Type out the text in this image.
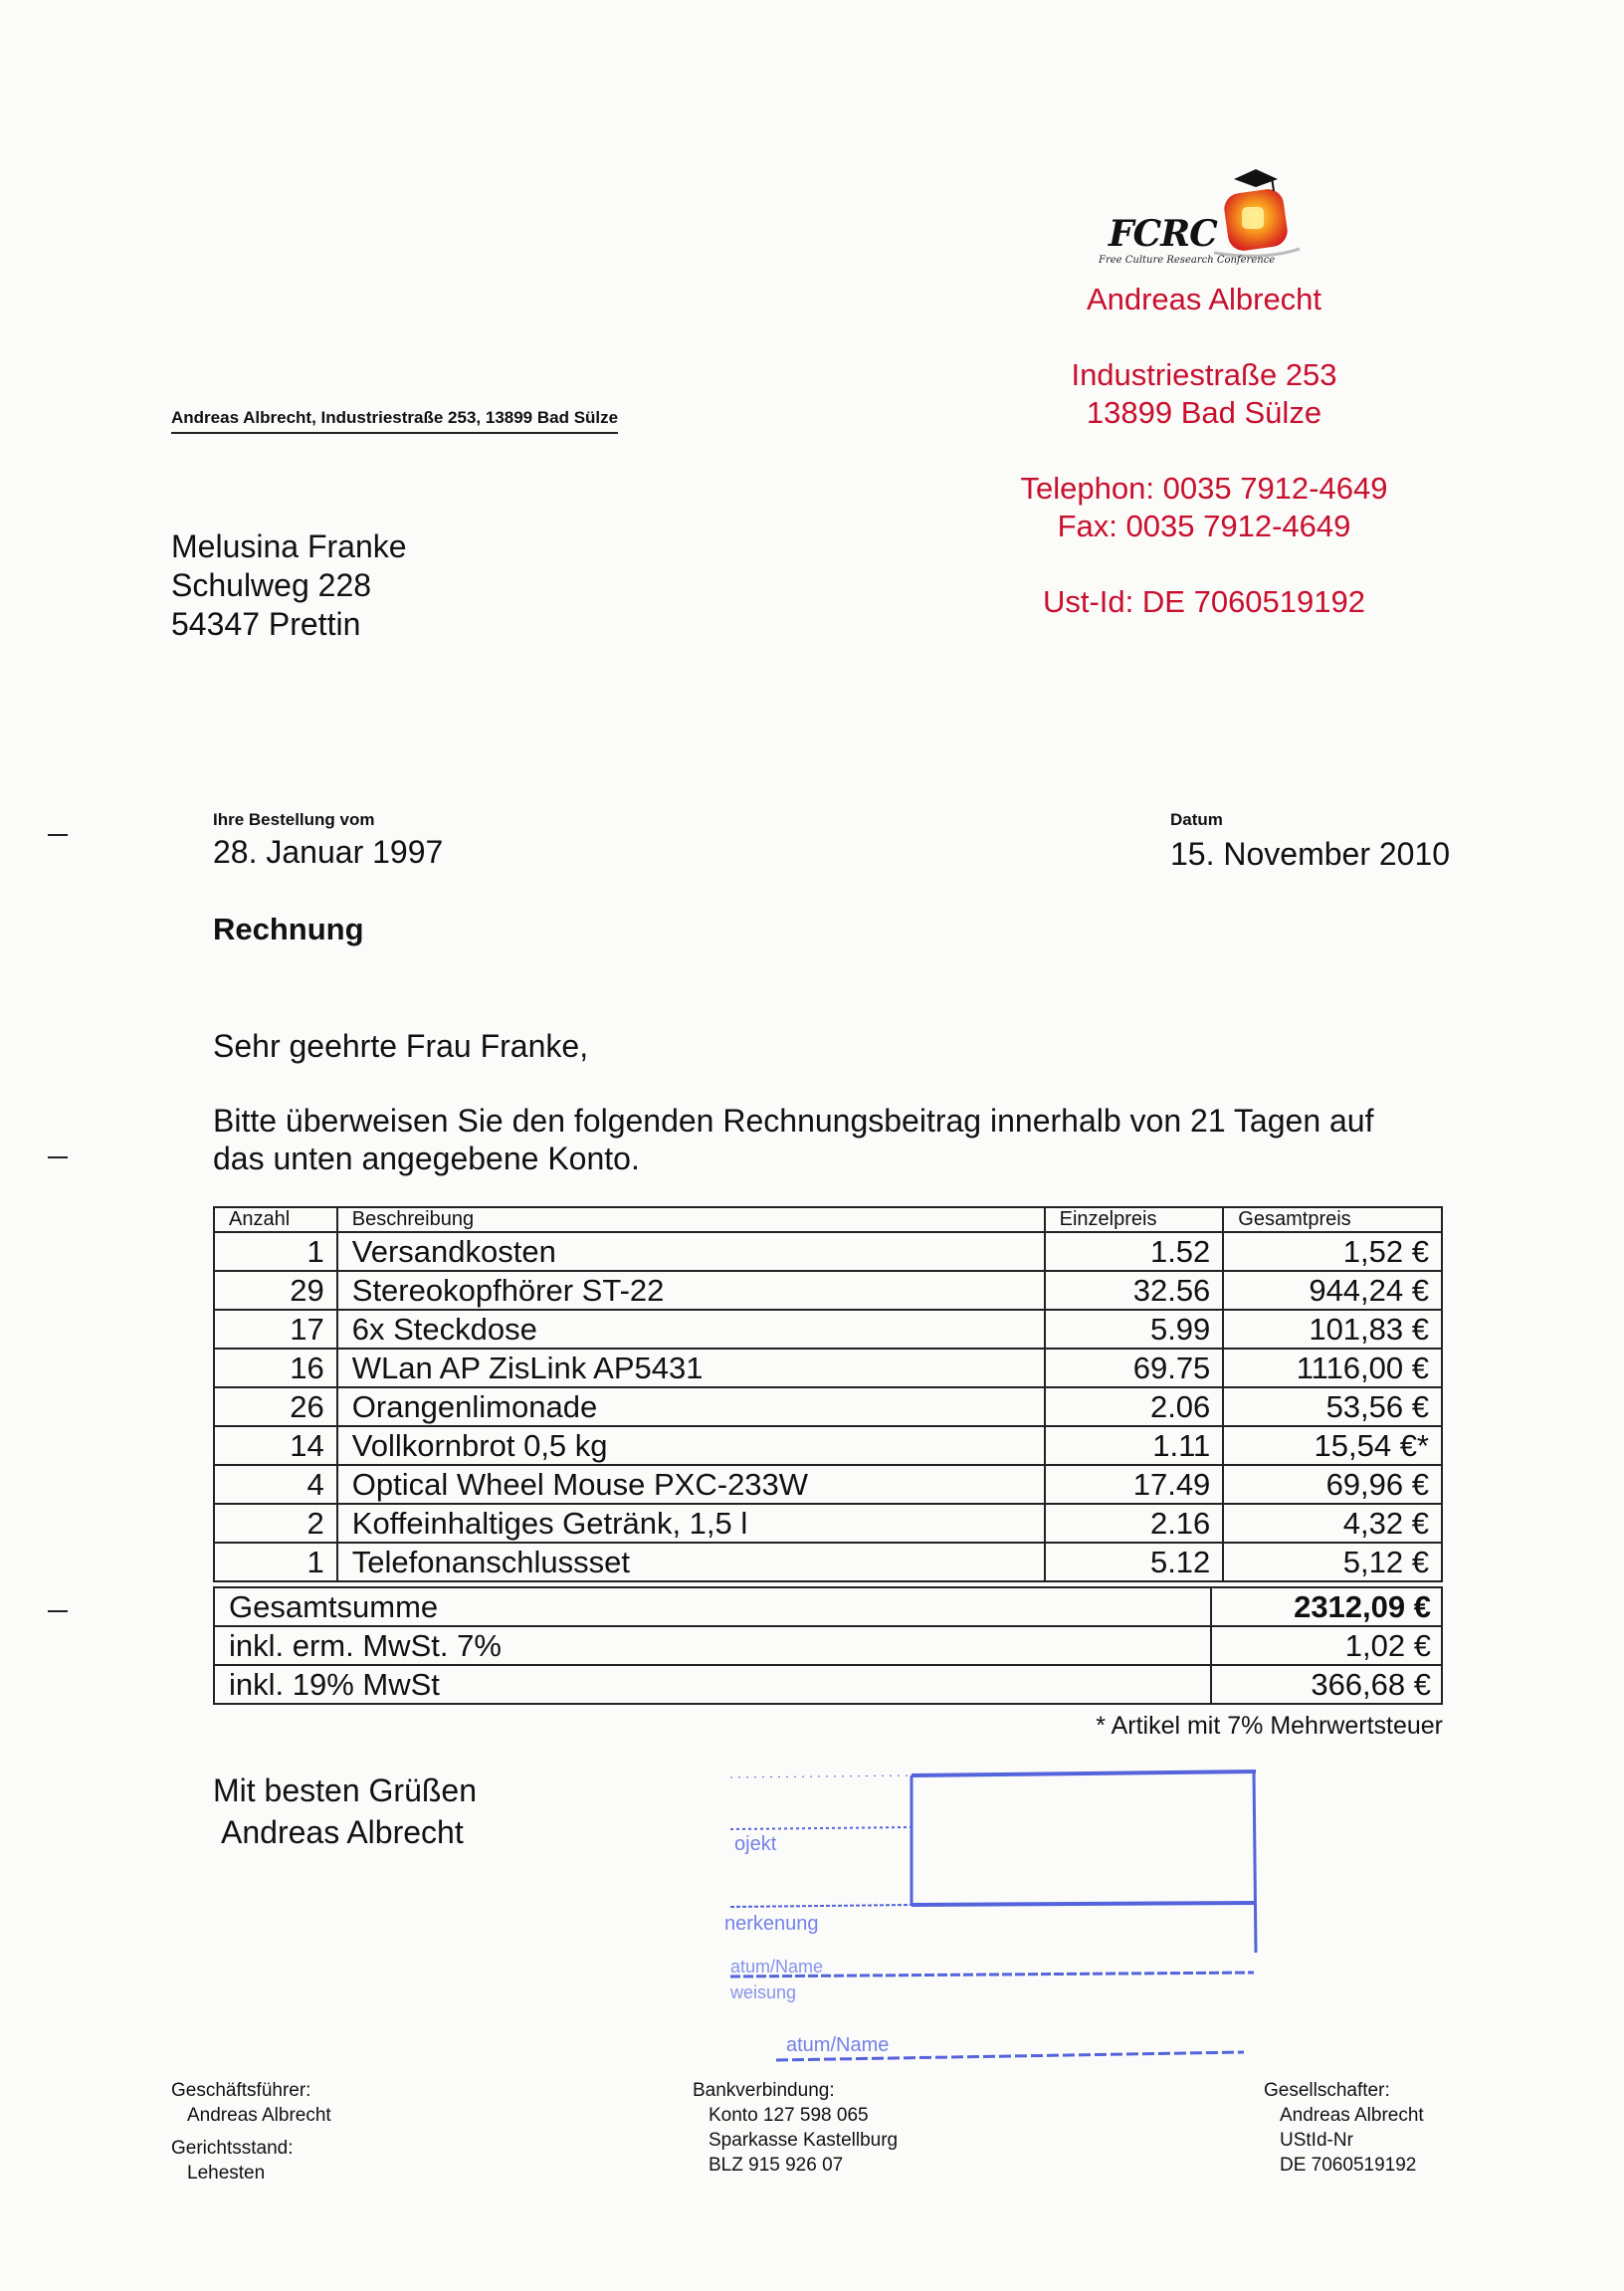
FCRC
Free Culture Research Conference
Andreas Albrecht
Industriestraße 253
13899 Bad Sülze
Telephon: 0035 7912-4649
Fax: 0035 7912-4649
Ust-Id: DE 7060519192
Andreas Albrecht, Industriestraße 253, 13899 Bad Sülze
Melusina Franke
Schulweg 228
54347 Prettin
Ihre Bestellung vom
28. Januar 1997
Datum
15. November 2010
Rechnung
Sehr geehrte Frau Franke,
Bitte überweisen Sie den folgenden Rechnungsbeitrag innerhalb von 21 Tagen auf
das unten angegebene Konto.
Anzahl	Beschreibung	Einzelpreis	Gesamtpreis
1	Versandkosten	1.52	1,52 €
29	Stereokopfhörer ST-22	32.56	944,24 €
17	6x Steckdose	5.99	101,83 €
16	WLan AP ZisLink AP5431	69.75	1116,00 €
26	Orangenlimonade	2.06	53,56 €
14	Vollkornbrot 0,5 kg	1.11	15,54 €*
4	Optical Wheel Mouse PXC-233W	17.49	69,96 €
2	Koffeinhaltiges Getränk, 1,5 l	2.16	4,32 €
1	Telefonanschlussset	5.12	5,12 €
Gesamtsumme	2312,09 €
inkl. erm. MwSt. 7%	1,02 €
inkl. 19% MwSt	366,68 €
* Artikel mit 7% Mehrwertsteuer
Mit besten Grüßen
Andreas Albrecht	ojekt
nerkenung
atum/Name
weisung
atum/Name
Geschäftsführer:
Andreas Albrecht
Gerichtsstand:
Lehesten
Bankverbindung:
Konto 127 598 065
Sparkasse Kastellburg
BLZ 915 926 07
Gesellschafter:
Andreas Albrecht
UStId-Nr
DE 7060519192
